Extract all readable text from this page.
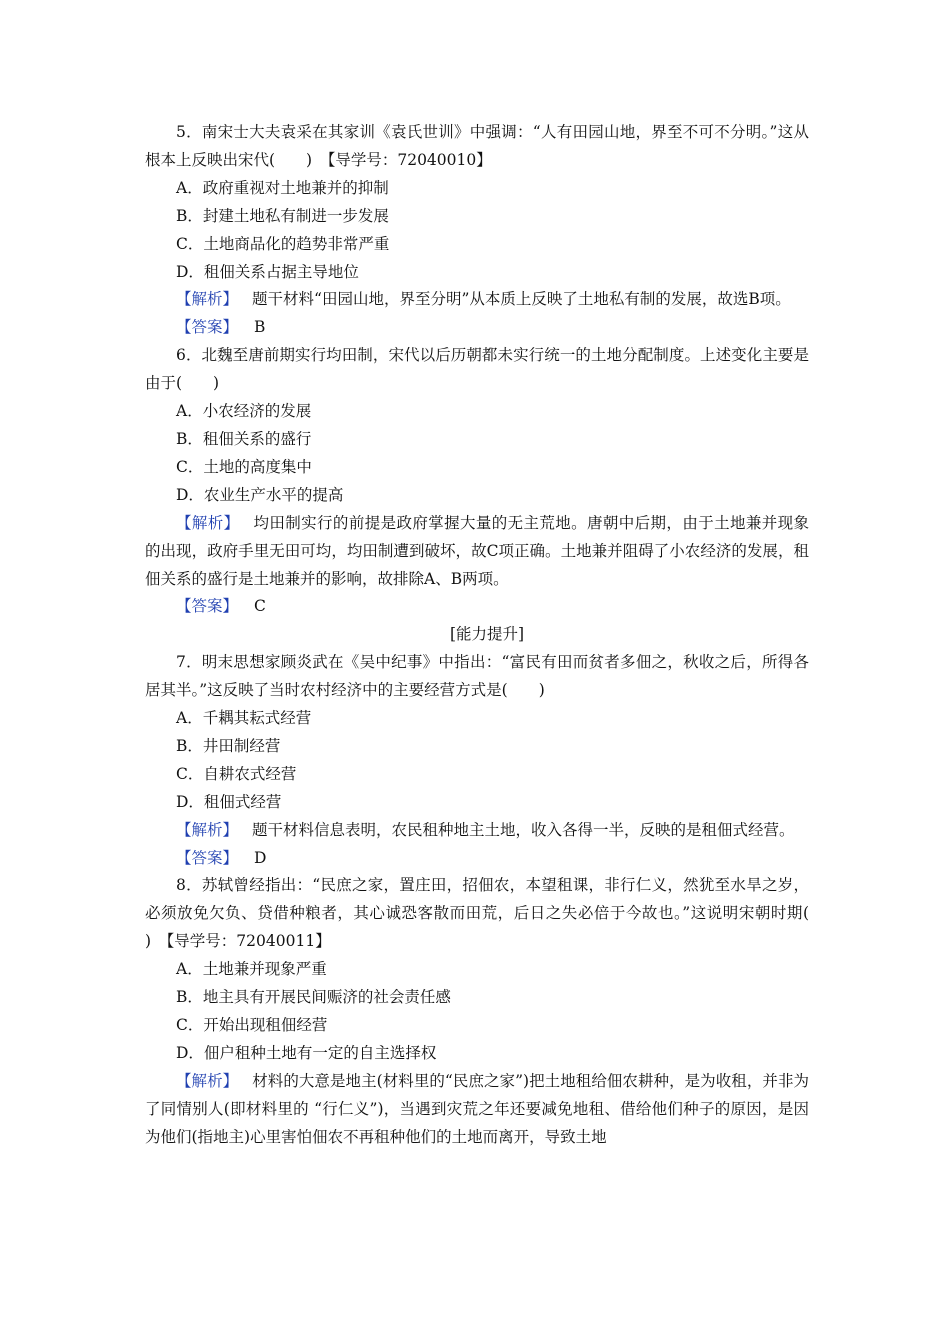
5．南宋士大夫袁采在其家训《袁氏世训》中强调：“人有田园山地，界至不可不分明。”这从根本上反映出宋代(　　)　【导学号：72040010】

A．政府重视对土地兼并的抑制

B．封建土地私有制进一步发展

C．土地商品化的趋势非常严重

D．租佃关系占据主导地位

【解析】 题干材料“田园山地，界至分明”从本质上反映了土地私有制的发展，故选B项。

【答案】 B

6．北魏至唐前期实行均田制，宋代以后历朝都未实行统一的土地分配制度。上述变化主要是由于(　　)

A．小农经济的发展

B．租佃关系的盛行

C．土地的高度集中

D．农业生产水平的提高

【解析】 均田制实行的前提是政府掌握大量的无主荒地。唐朝中后期，由于土地兼并现象的出现，政府手里无田可均，均田制遭到破坏，故C项正确。土地兼并阻碍了小农经济的发展，租佃关系的盛行是土地兼并的影响，故排除A、B两项。

【答案】 C

[能力提升]

7．明末思想家顾炎武在《吴中纪事》中指出：“富民有田而贫者多佃之，秋收之后，所得各居其半。”这反映了当时农村经济中的主要经营方式是(　　)

A．千耦其耘式经营

B．井田制经营

C．自耕农式经营

D．租佃式经营

【解析】 题干材料信息表明，农民租种地主土地，收入各得一半，反映的是租佃式经营。

【答案】 D

8．苏轼曾经指出：“民庶之家，置庄田，招佃农，本望租课，非行仁义，然犹至水旱之岁，必须放免欠负、贷借种粮者，其心诚恐客散而田荒，后日之失必倍于今故也。”这说明宋朝时期(　　)　【导学号：72040011】

A．土地兼并现象严重

B．地主具有开展民间赈济的社会责任感

C．开始出现租佃经营

D．佃户租种土地有一定的自主选择权

【解析】 材料的大意是地主(材料里的“民庶之家”)把土地租给佃农耕种，是为收租，并非为了同情别人(即材料里的 “行仁义”)，当遇到灾荒之年还要减免地租、借给他们种子的原因，是因为他们(指地主)心里害怕佃农不再租种他们的土地而离开，导致土地
